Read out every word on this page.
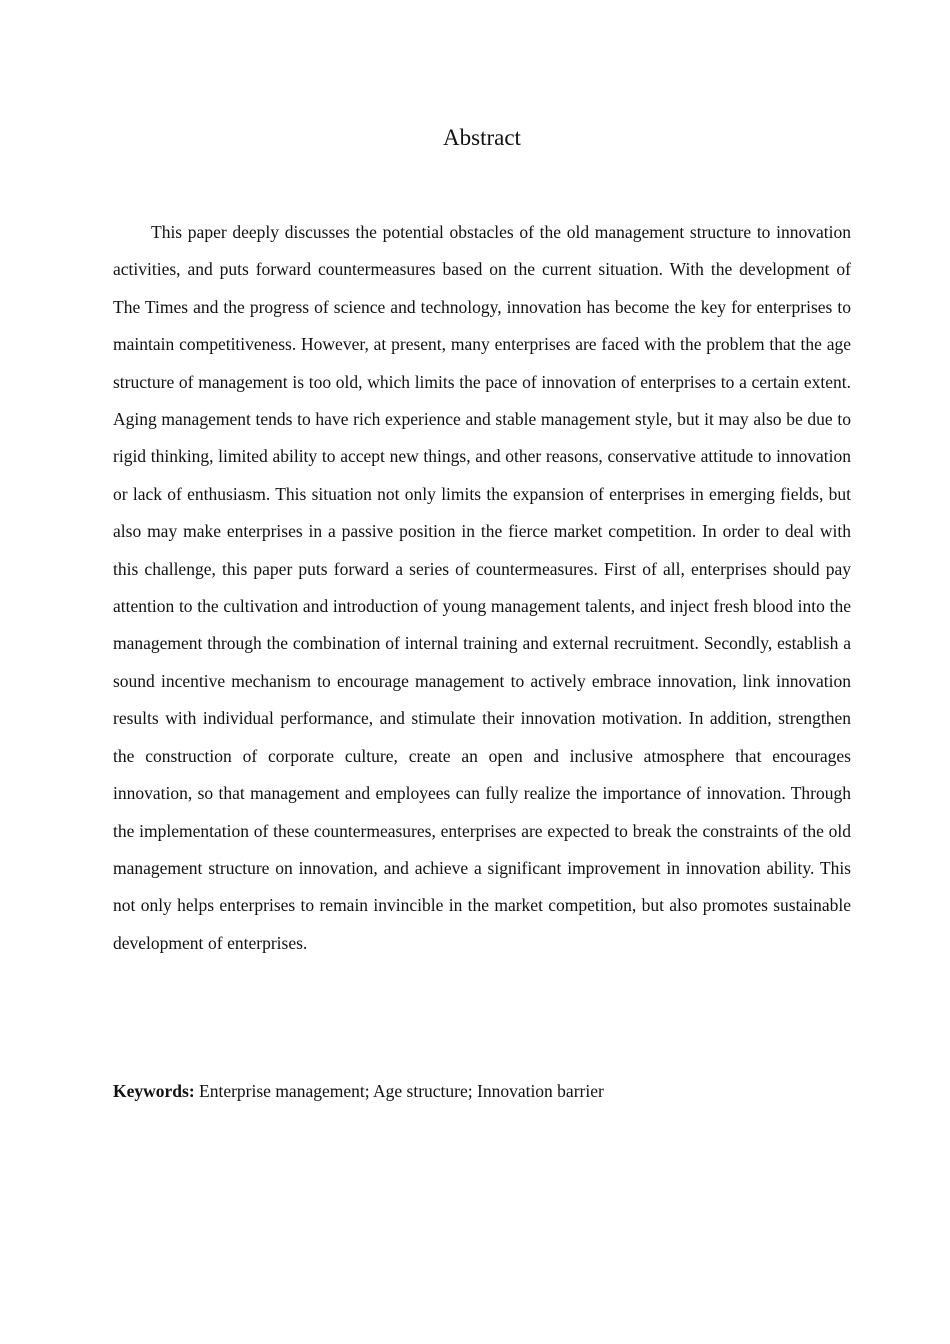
Abstract

This paper deeply discusses the potential obstacles of the old management structure to innovation activities, and puts forward countermeasures based on the current situation. With the development of The Times and the progress of science and technology, innovation has become the key for enterprises to maintain competitiveness. However, at present, many enterprises are faced with the problem that the age structure of management is too old, which limits the pace of innovation of enterprises to a certain extent. Aging management tends to have rich experience and stable management style, but it may also be due to rigid thinking, limited ability to accept new things, and other reasons, conservative attitude to innovation or lack of enthusiasm. This situation not only limits the expansion of enterprises in emerging fields, but also may make enterprises in a passive position in the fierce market competition. In order to deal with this challenge, this paper puts forward a series of countermeasures. First of all, enterprises should pay attention to the cultivation and introduction of young management talents, and inject fresh blood into the management through the combination of internal training and external recruitment. Secondly, establish a sound incentive mechanism to encourage management to actively embrace innovation, link innovation results with individual performance, and stimulate their innovation motivation. In addition, strengthen the construction of corporate culture, create an open and inclusive atmosphere that encourages innovation, so that management and employees can fully realize the importance of innovation. Through the implementation of these countermeasures, enterprises are expected to break the constraints of the old management structure on innovation, and achieve a significant improvement in innovation ability. This not only helps enterprises to remain invincible in the market competition, but also promotes sustainable development of enterprises.

Keywords: Enterprise management; Age structure; Innovation barrier
